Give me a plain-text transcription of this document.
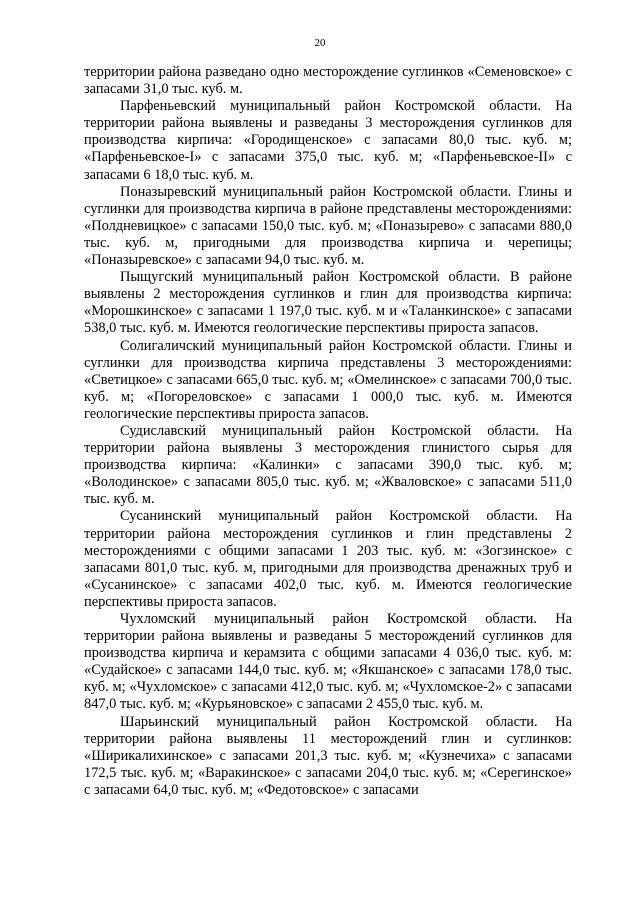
20

территории района разведано одно месторождение суглинков «Семеновское» с запасами 31,0 тыс. куб. м.

Парфеньевский муниципальный район Костромской области. На территории района выявлены и разведаны 3 месторождения суглинков для производства кирпича: «Городищенское» с запасами 80,0 тыс. куб. м; «Парфеньевское-I» с запасами 375,0 тыс. куб. м; «Парфеньевское-II» с запасами 6 18,0 тыс. куб. м.

Поназыревский муниципальный район Костромской области. Глины и суглинки для производства кирпича в районе представлены месторождениями: «Полдневицкое» с запасами 150,0 тыс. куб. м; «Поназырево» с запасами 880,0 тыс. куб. м, пригодными для производства кирпича и черепицы; «Поназыревское» с запасами 94,0 тыс. куб. м.

Пыщугский муниципальный район Костромской области. В районе выявлены 2 месторождения суглинков и глин для производства кирпича: «Морошкинское» с запасами 1 197,0 тыс. куб. м и «Таланкинское» с запасами 538,0 тыс. куб. м. Имеются геологические перспективы прироста запасов.

Солигаличский муниципальный район Костромской области. Глины и суглинки для производства кирпича представлены 3 месторождениями: «Светицкое» с запасами 665,0 тыс. куб. м; «Омелинское» с запасами 700,0 тыс. куб. м; «Погореловское» с запасами 1 000,0 тыс. куб. м. Имеются геологические перспективы прироста запасов.

Судиславский муниципальный район Костромской области. На территории района выявлены 3 месторождения глинистого сырья для производства кирпича: «Калинки» с запасами 390,0 тыс. куб. м; «Володинское» с запасами 805,0 тыс. куб. м; «Жваловское» с запасами 511,0 тыс. куб. м.

Сусанинский муниципальный район Костромской области. На территории района месторождения суглинков и глин представлены 2 месторождениями с общими запасами 1 203 тыс. куб. м: «Зогзинское» с запасами 801,0 тыс. куб. м, пригодными для производства дренажных труб и «Сусанинское» с запасами 402,0 тыс. куб. м. Имеются геологические перспективы прироста запасов.

Чухломский муниципальный район Костромской области. На территории района выявлены и разведаны 5 месторождений суглинков для производства кирпича и керамзита с общими запасами 4 036,0 тыс. куб. м: «Судайское» с запасами 144,0 тыс. куб. м; «Якшанское» с запасами 178,0 тыс. куб. м; «Чухломское» с запасами 412,0 тыс. куб. м; «Чухломское-2» с запасами 847,0 тыс. куб. м; «Курьяновское» с запасами 2 455,0 тыс. куб. м.

Шарьинский муниципальный район Костромской области. На территории района выявлены 11 месторождений глин и суглинков: «Ширикалихинское» с запасами 201,3 тыс. куб. м; «Кузнечиха» с запасами 172,5 тыс. куб. м; «Варакинское» с запасами 204,0 тыс. куб. м; «Серегинское» с запасами 64,0 тыс. куб. м; «Федотовское» с запасами
